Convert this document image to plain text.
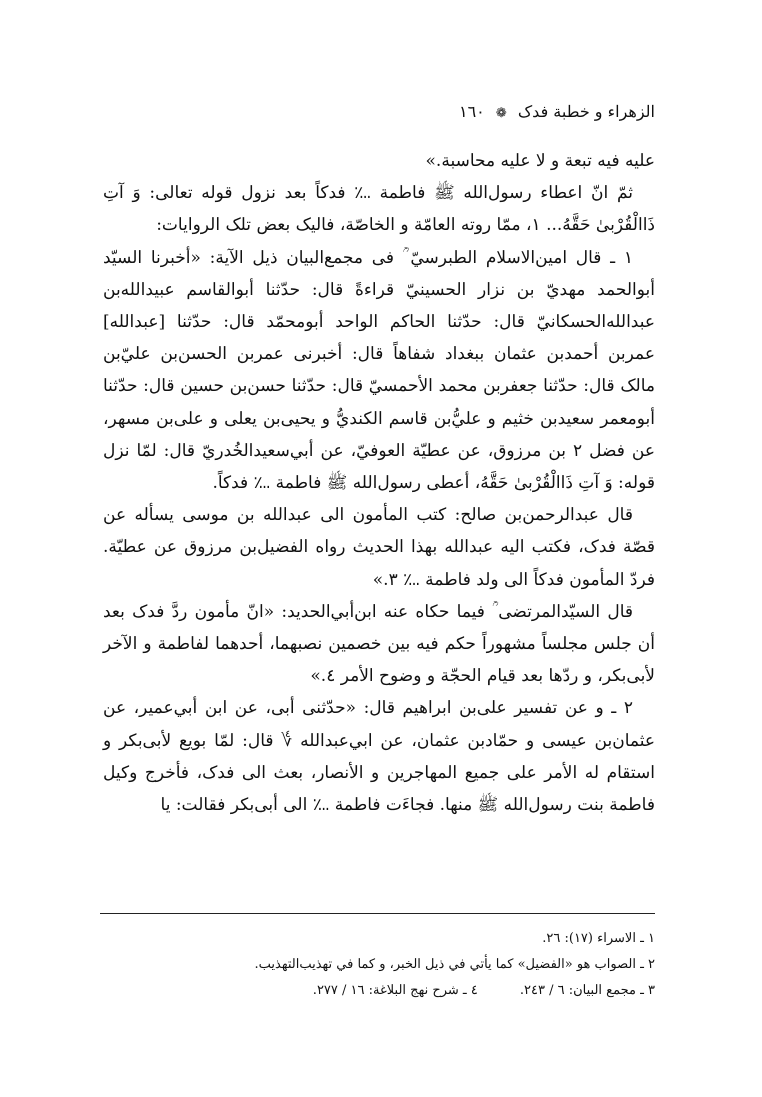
الزهراء و خطبة فدک ❁ ١٦٠

عليه فيه تبعة و لا عليه محاسبة.»

ثمّ انّ اعطاء رسول‌الله ﷺ فاطمة ؊ فدكاً بعد نزول قوله تعالى: وَ آتِ ذَاالْقُرْبىٰ حَقَّهُ... ١، ممّا روته العامّة و الخاصّة، فاليک بعض تلک الروايات:

١ ـ قال امين‌الاسلام الطبرسيّ ؒ فى مجمع‌البيان ذيل الآية: «أخبرنا السيّد أبوالحمد مهديّ بن نزار الحسينيّ قراءةً قال: حدّثنا أبوالقاسم عبيدالله‌بن عبدالله‌الحسكانيّ قال: حدّثنا الحاكم الواحد أبومحمّد قال: حدّثنا [عبدالله] عمربن أحمدبن عثمان ببغداد شفاهاً قال: أخبرنى عمربن الحسن‌بن عليّ‌بن مالک قال: حدّثنا جعفربن محمد الأحمسيّ قال: حدّثنا حسن‌بن حسين قال: حدّثنا أبومعمر سعيدبن خثيم و عليُّ‌بن قاسم الكنديُّ و يحيى‌بن يعلى و على‌بن مسهر، عن فضل ٢ بن مرزوق، عن عطيّة العوفيّ، عن أبي‌سعيدالخُدريّ قال: لمّا نزل قوله: وَ آتِ ذَاالْقُرْبىٰ حَقَّهُ، أعطى رسول‌الله ﷺ فاطمة ؊ فدكاً.

قال عبدالرحمن‌بن صالح: كتب المأمون الى عبدالله بن موسى يسأله عن قصّة فدک، فكتب اليه عبدالله بهذا الحديث رواه الفضيل‌بن مرزوق عن عطيّة. فردّ المأمون فدكاً الى ولد فاطمة ؊ ٣.»

قال السيّدالمرتضى ؒ فيما حكاه عنه ابن‌أبي‌الحديد: «انّ مأمون ردَّ فدک بعد أن جلس مجلساً مشهوراً حكم فيه بين خصمين نصبهما، أحدهما لفاطمة و الآخر لأبى‌بكر، و ردّها بعد قيام الحجّة و وضوح الأمر ٤.»

٢ ـ و عن تفسير على‌بن ابراهيم قال: «حدّثنى أبى، عن ابن أبي‌عمير، عن عثمان‌بن عيسى و حمّادبن عثمان، عن ابي‌عبدالله ؇ قال: لمّا بويع لأبى‌بكر و استقام له الأمر على جميع المهاجرين و الأنصار، بعث الى فدک، فأخرج وكيل فاطمة بنت رسول‌الله ﷺ منها. فجاءَت فاطمة ؊ الى أبى‌بكر فقالت: يا

١ ـ الاسراء (١٧): ٢٦.
٢ ـ الصواب هو «الفضيل» كما يأتي في ذيل الخبر، و كما في تهذيب‌التهذيب.
٣ ـ مجمع البيان: ٦ / ٢٤٣.٤ ـ شرح نهج البلاغة: ١٦ / ٢٧٧.
